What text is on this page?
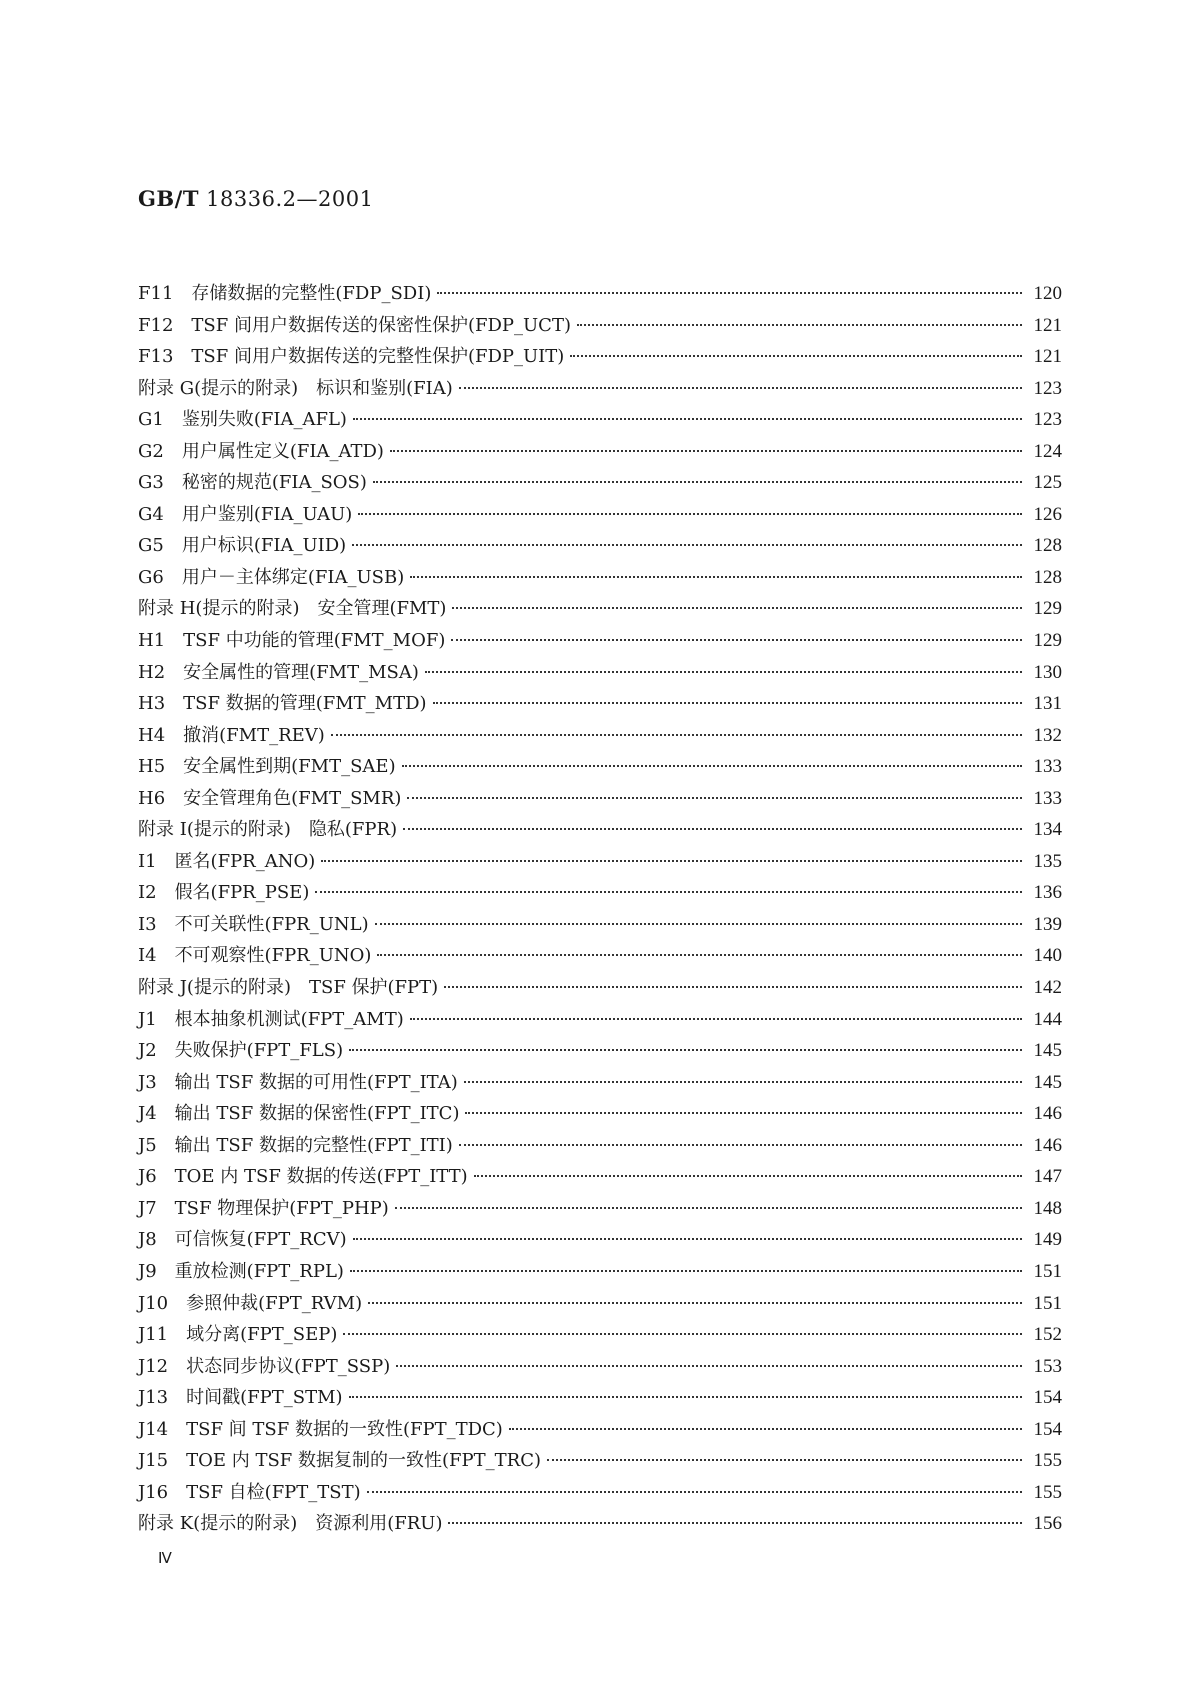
GB/T 18336.2—2001
F11 存储数据的完整性(FDP_SDI)	120
F12 TSF 间用户数据传送的保密性保护(FDP_UCT)	121
F13 TSF 间用户数据传送的完整性保护(FDP_UIT)	121
附录 G(提示的附录) 标识和鉴别(FIA)	123
G1 鉴别失败(FIA_AFL)	123
G2 用户属性定义(FIA_ATD)	124
G3 秘密的规范(FIA_SOS)	125
G4 用户鉴别(FIA_UAU)	126
G5 用户标识(FIA_UID)	128
G6 用户－主体绑定(FIA_USB)	128
附录 H(提示的附录) 安全管理(FMT)	129
H1 TSF 中功能的管理(FMT_MOF)	129
H2 安全属性的管理(FMT_MSA)	130
H3 TSF 数据的管理(FMT_MTD)	131
H4 撤消(FMT_REV)	132
H5 安全属性到期(FMT_SAE)	133
H6 安全管理角色(FMT_SMR)	133
附录 I(提示的附录) 隐私(FPR)	134
I1 匿名(FPR_ANO)	135
I2 假名(FPR_PSE)	136
I3 不可关联性(FPR_UNL)	139
I4 不可观察性(FPR_UNO)	140
附录 J(提示的附录) TSF 保护(FPT)	142
J1 根本抽象机测试(FPT_AMT)	144
J2 失败保护(FPT_FLS)	145
J3 输出 TSF 数据的可用性(FPT_ITA)	145
J4 输出 TSF 数据的保密性(FPT_ITC)	146
J5 输出 TSF 数据的完整性(FPT_ITI)	146
J6 TOE 内 TSF 数据的传送(FPT_ITT)	147
J7 TSF 物理保护(FPT_PHP)	148
J8 可信恢复(FPT_RCV)	149
J9 重放检测(FPT_RPL)	151
J10 参照仲裁(FPT_RVM)	151
J11 域分离(FPT_SEP)	152
J12 状态同步协议(FPT_SSP)	153
J13 时间戳(FPT_STM)	154
J14 TSF 间 TSF 数据的一致性(FPT_TDC)	154
J15 TOE 内 TSF 数据复制的一致性(FPT_TRC)	155
J16 TSF 自检(FPT_TST)	155
附录 K(提示的附录) 资源利用(FRU)	156
Ⅳ
